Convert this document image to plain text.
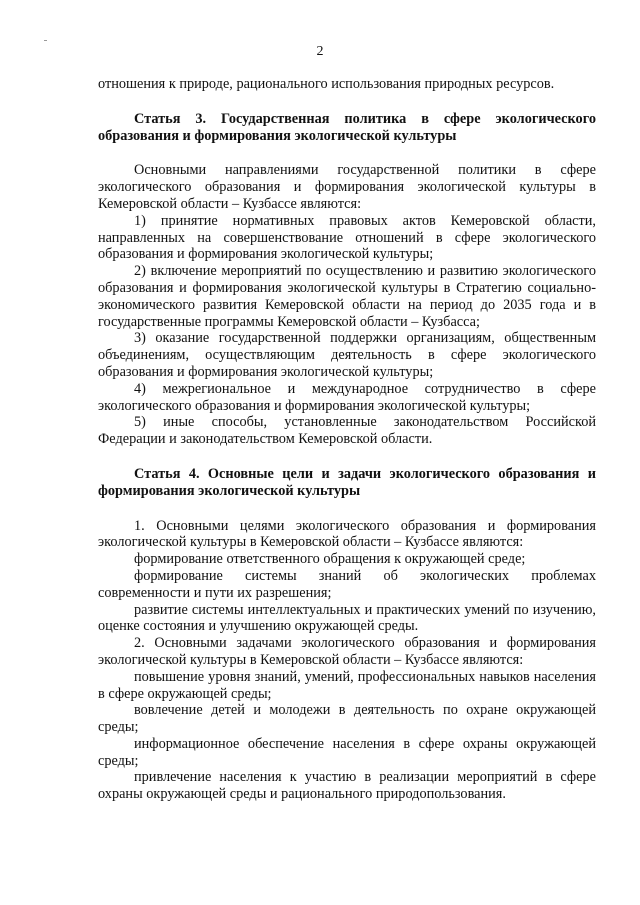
2

отношения к природе, рационального использования природных ресурсов.

Статья 3. Государственная политика в сфере экологического образования и формирования экологической культуры

Основными направлениями государственной политики в сфере экологического образования и формирования экологической культуры в Кемеровской области – Кузбассе являются:

1) принятие нормативных правовых актов Кемеровской области, направленных на совершенствование отношений в сфере экологического образования и формирования экологической культуры;

2) включение мероприятий по осуществлению и развитию экологического образования и формирования экологической культуры в Стратегию социально-экономического развития Кемеровской области на период до 2035 года и в государственные программы Кемеровской области – Кузбасса;

3) оказание государственной поддержки организациям, общественным объединениям, осуществляющим деятельность в сфере экологического образования и формирования экологической культуры;

4) межрегиональное и международное сотрудничество в сфере экологического образования и формирования экологической культуры;

5) иные способы, установленные законодательством Российской Федерации и законодательством Кемеровской области.

Статья 4. Основные цели и задачи экологического образования и формирования экологической культуры

1. Основными целями экологического образования и формирования экологической культуры в Кемеровской области – Кузбассе являются:

формирование ответственного обращения к окружающей среде;

формирование системы знаний об экологических проблемах современности и пути их разрешения;

развитие системы интеллектуальных и практических умений по изучению, оценке состояния и улучшению окружающей среды.

2. Основными задачами экологического образования и формирования экологической культуры в Кемеровской области – Кузбассе являются:

повышение уровня знаний, умений, профессиональных навыков населения в сфере окружающей среды;

вовлечение детей и молодежи в деятельность по охране окружающей среды;

информационное обеспечение населения в сфере охраны окружающей среды;

привлечение населения к участию в реализации мероприятий в сфере охраны окружающей среды и рационального природопользования.
